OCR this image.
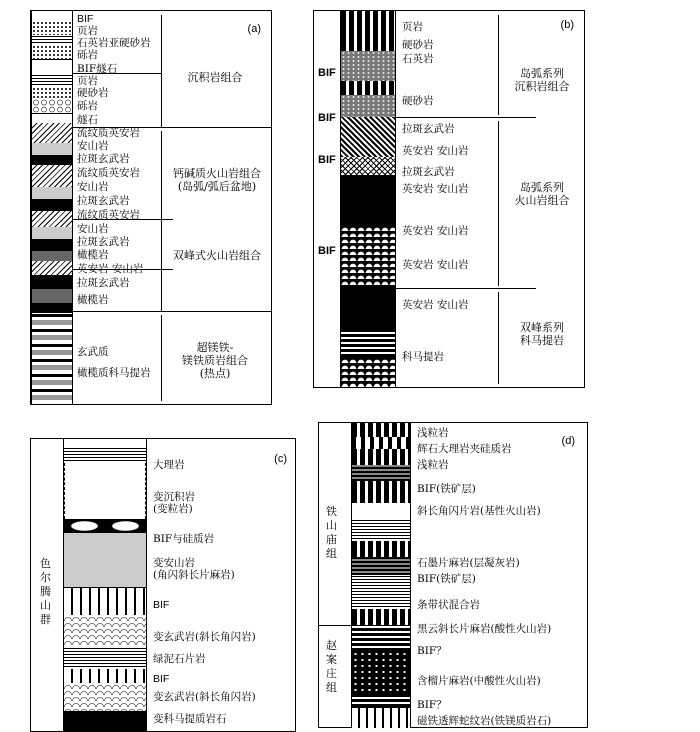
(a)
BIF
页岩
石英岩亚硬砂岩
砾岩
BIF燧石
页岩
硬砂岩
砾岩
燧石
流纹质英安岩
安山岩
拉斑玄武岩
流纹质英安岩
安山岩
拉斑玄武岩
流纹质英安岩
安山岩
拉斑玄武岩
橄榄岩
英安岩 安山岩
拉斑玄武岩
橄榄岩
玄武质
橄榄质科马提岩
沉积岩组合
钙碱质火山岩组合
(岛弧/弧后盆地)
双峰式火山岩组合
超镁铁-
镁铁质岩组合
(热点)
(b)
BIF
BIF
BIF
BIF
页岩
硬砂岩
石英岩
硬砂岩
拉斑玄武岩
英安岩 安山岩
拉斑玄武岩
英安岩 安山岩
英安岩 安山岩
英安岩 安山岩
英安岩 安山岩
科马提岩
岛弧系列
沉积岩组合
岛弧系列
火山岩组合
双峰系列
科马提岩
(c)
色尔腾山群
大理岩
变沉积岩
(变粒岩)
BIF与硅质岩
变安山岩
(角闪斜长片麻岩)
BIF
变玄武岩(斜长角闪岩)
绿泥石片岩
BIF
变玄武岩(斜长角闪岩)
变科马提质岩石
(d)
铁山庙组
赵案庄组
浅粒岩
辉石大理岩夹硅质岩
浅粒岩
BIF(铁矿层)
斜长角闪片岩(基性火山岩)
石墨片麻岩(层凝灰岩)
BIF(铁矿层)
条带状混合岩
黑云斜长片麻岩(酸性火山岩)
BIF？
含榴片麻岩(中酸性火山岩)
BIF？
磁铁透辉蛇纹岩(铁镁质岩石)
